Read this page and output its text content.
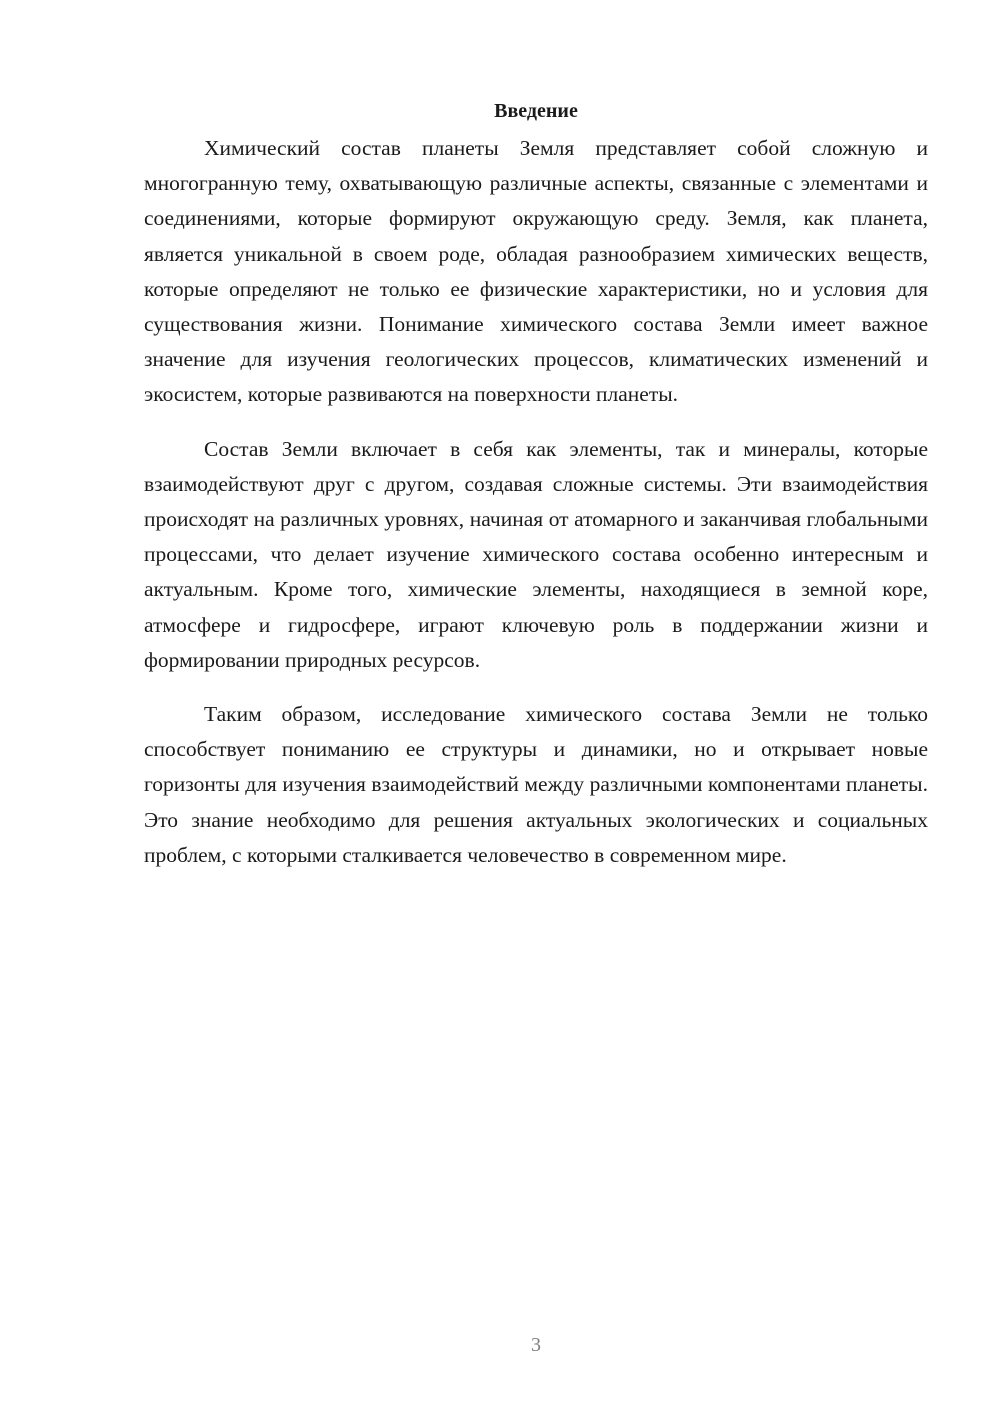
Введение

Химический состав планеты Земля представляет собой сложную и многогранную тему, охватывающую различные аспекты, связанные с элементами и соединениями, которые формируют окружающую среду. Земля, как планета, является уникальной в своем роде, обладая разнообразием химических веществ, которые определяют не только ее физические характеристики, но и условия для существования жизни. Понимание химического состава Земли имеет важное значение для изучения геологических процессов, климатических изменений и экосистем, которые развиваются на поверхности планеты.

Состав Земли включает в себя как элементы, так и минералы, которые взаимодействуют друг с другом, создавая сложные системы. Эти взаимодействия происходят на различных уровнях, начиная от атомарного и заканчивая глобальными процессами, что делает изучение химического состава особенно интересным и актуальным. Кроме того, химические элементы, находящиеся в земной коре, атмосфере и гидросфере, играют ключевую роль в поддержании жизни и формировании природных ресурсов.

Таким образом, исследование химического состава Земли не только способствует пониманию ее структуры и динамики, но и открывает новые горизонты для изучения взаимодействий между различными компонентами планеты. Это знание необходимо для решения актуальных экологических и социальных проблем, с которыми сталкивается человечество в современном мире.

3
